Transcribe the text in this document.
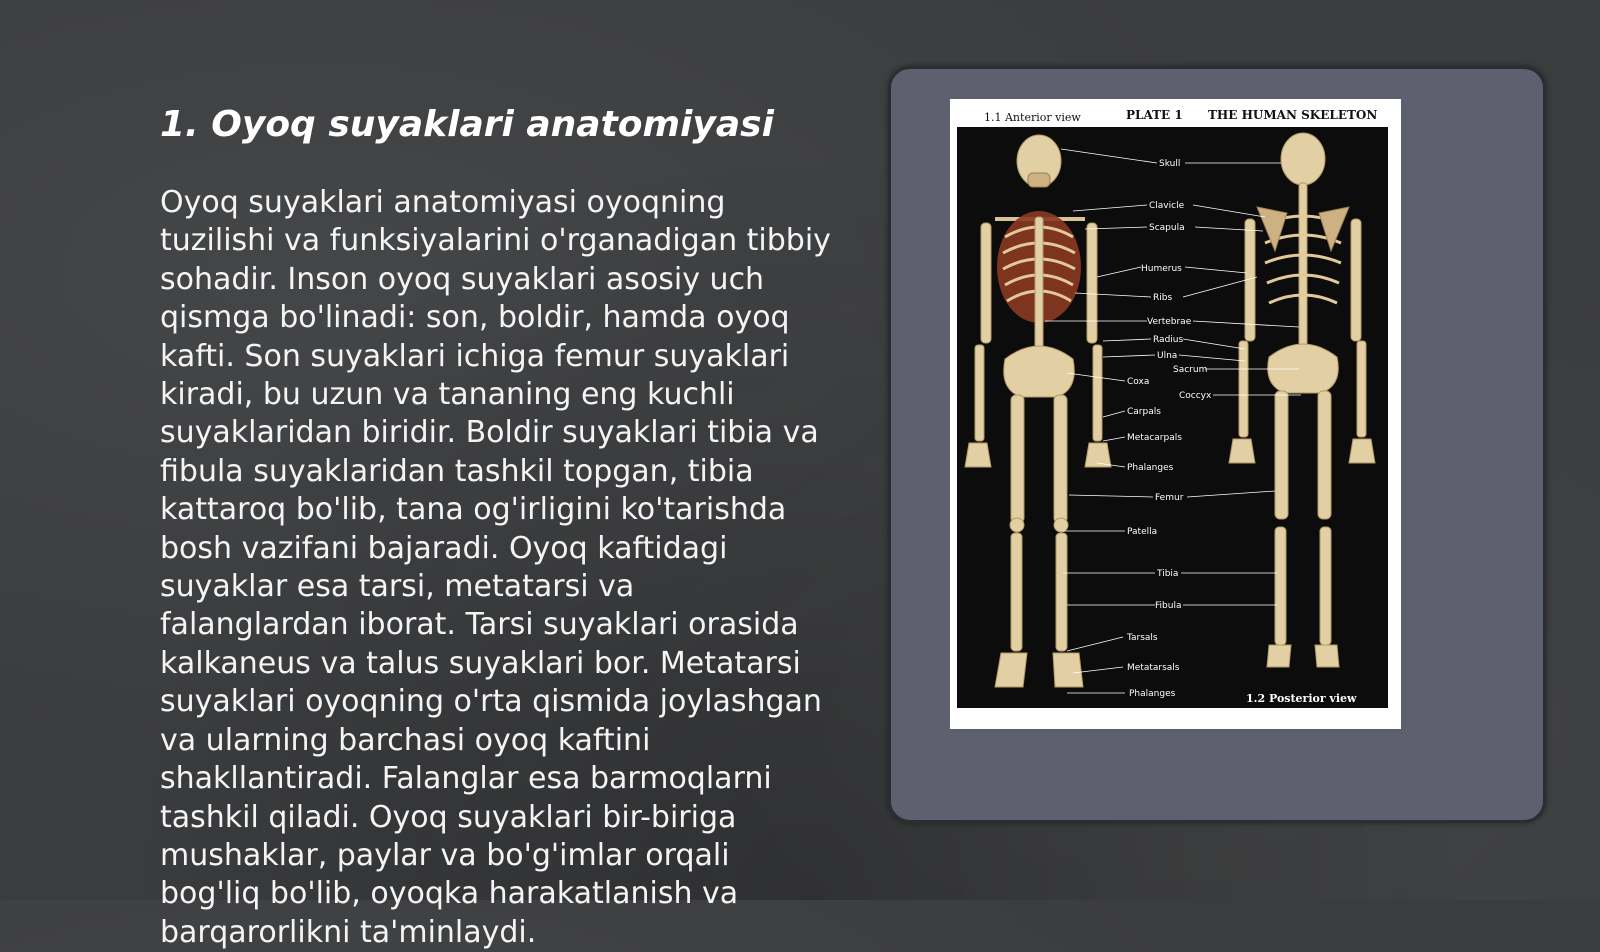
1. Oyoq suyaklari anatomiyasi

Oyoq suyaklari anatomiyasi oyoqning tuzilishi va funksiyalarini o'rganadigan tibbiy sohadir. Inson oyoq suyaklari asosiy uch qismga bo'linadi: son, boldir, hamda oyoq kafti. Son suyaklari ichiga femur suyaklari kiradi, bu uzun va tananing eng kuchli suyaklaridan biridir. Boldir suyaklari tibia va fibula suyaklaridan tashkil topgan, tibia kattaroq bo'lib, tana og'irligini ko'tarishda bosh vazifani bajaradi. Oyoq kaftidagi suyaklar esa tarsi, metatarsi va falanglardan iborat. Tarsi suyaklari orasida kalkaneus va talus suyaklari bor. Metatarsi suyaklari oyoqning o'rta qismida joylashgan va ularning barchasi oyoq kaftini shakllantiradi. Falanglar esa barmoqlarni tashkil qiladi. Oyoq suyaklari bir-biriga mushaklar, paylar va bo'g'imlar orqali bog'liq bo'lib, oyoqka harakatlanish va barqarorlikni ta'minlaydi.

1.1 Anterior view	PLATE 1 THE HUMAN SKELETON
Skull
Clavicle
Scapula
Humerus
Ribs
Vertebrae
Radius
Ulna
Sacrum
Coxa
Coccyx
Carpals
Metacarpals
Phalanges
Femur
Patella
Tibia
Fibula
Tarsals
Metatarsals
Phalanges	1.2 Posterior view
